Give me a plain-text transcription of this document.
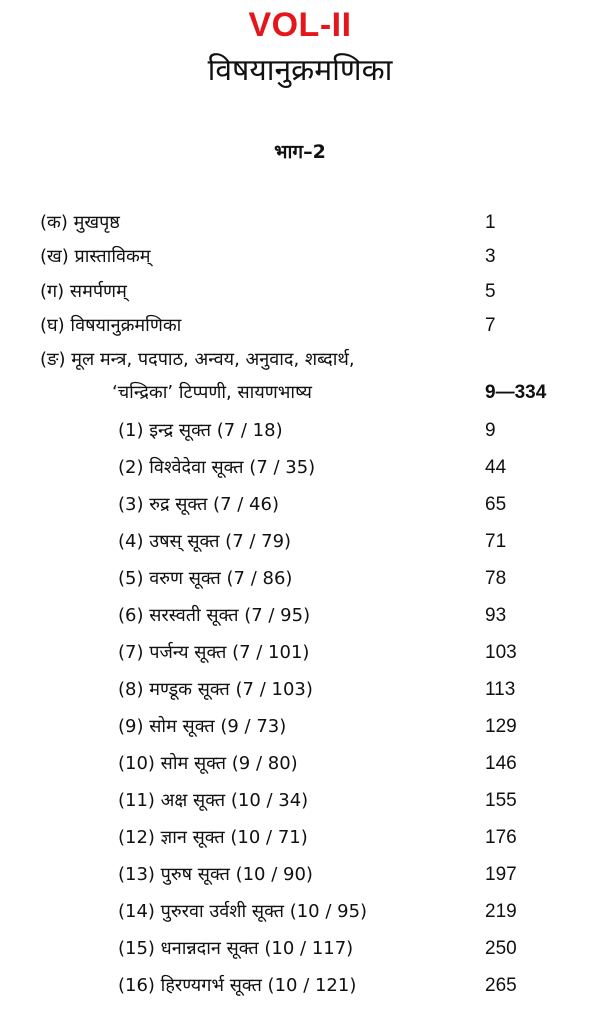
VOL-II
विषयानुक्रमणिका
भाग–2
(क) मुखपृष्ठ	1
(ख) प्रास्ताविकम्	3
(ग) समर्पणम्	5
(घ) विषयानुक्रमणिका	7
(ङ) मूल मन्त्र, पदपाठ, अन्वय, अनुवाद, शब्दार्थ,
‘चन्द्रिका’ टिप्पणी, सायणभाष्य	9—334
(1) इन्द्र सूक्त (7 / 18)	9
(2) विश्वेदेवा सूक्त (7 / 35)	44
(3) रुद्र सूक्त (7 / 46)	65
(4) उषस् सूक्त (7 / 79)	71
(5) वरुण सूक्त (7 / 86)	78
(6) सरस्वती सूक्त (7 / 95)	93
(7) पर्जन्य सूक्त (7 / 101)	103
(8) मण्डूक सूक्त (7 / 103)	113
(9) सोम सूक्त (9 / 73)	129
(10) सोम सूक्त (9 / 80)	146
(11) अक्ष सूक्त (10 / 34)	155
(12) ज्ञान सूक्त (10 / 71)	176
(13) पुरुष सूक्त (10 / 90)	197
(14) पुरुरवा उर्वशी सूक्त (10 / 95)	219
(15) धनान्नदान सूक्त (10 / 117)	250
(16) हिरण्यगर्भ सूक्त (10 / 121)	265
